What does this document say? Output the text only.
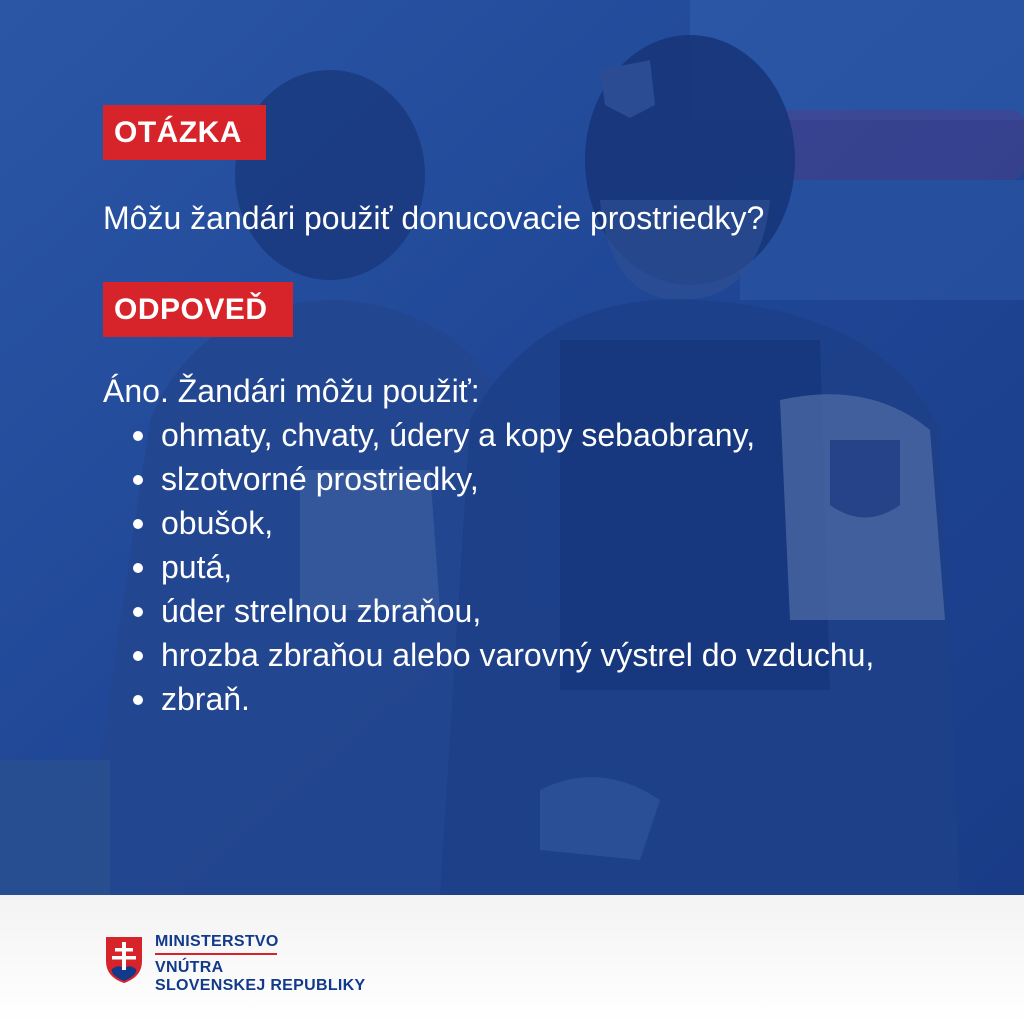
OTÁZKA
Môžu žandári použiť donucovacie prostriedky?
ODPOVEĎ
Áno. Žandári môžu použiť:
ohmaty, chvaty, údery a kopy sebaobrany,
slzotvorné prostriedky,
obušok,
putá,
úder strelnou zbraňou,
hrozba zbraňou alebo varovný výstrel do vzduchu,
zbraň.
MINISTERSTVO
VNÚTRA
SLOVENSKEJ REPUBLIKY
